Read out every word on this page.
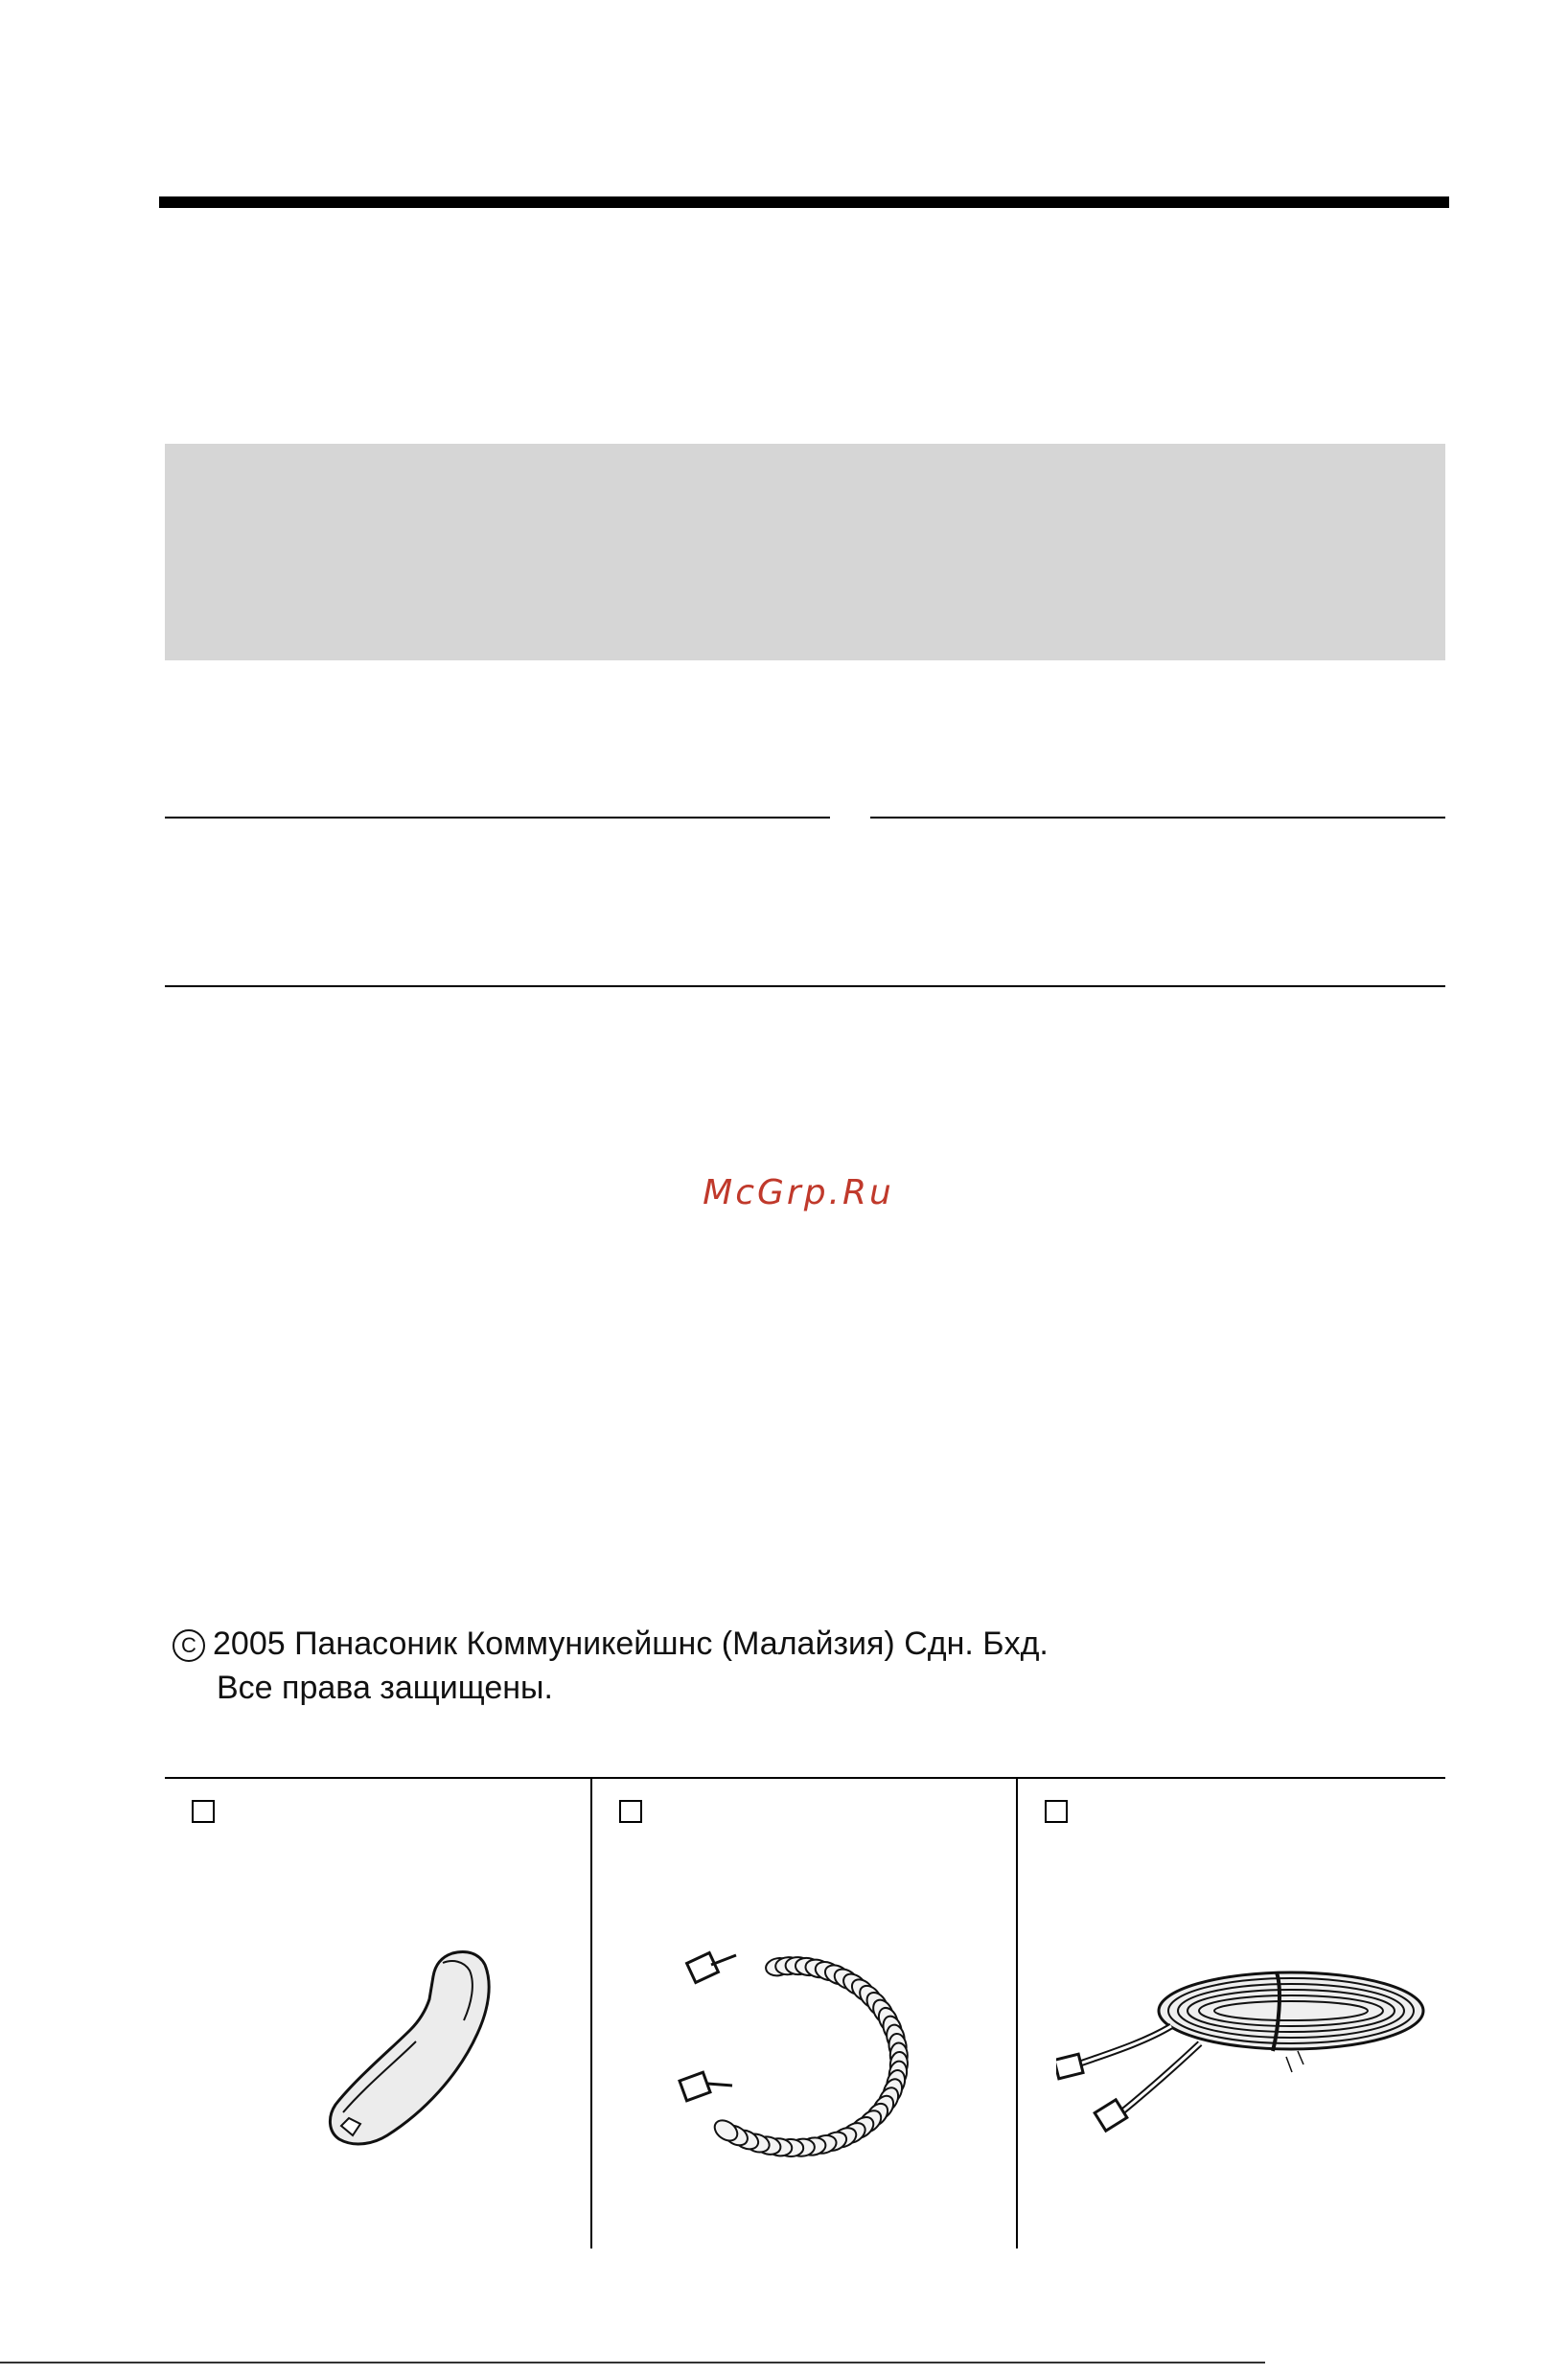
McGrp.Ru
C 2005 Панасоник Коммуникейшнс (Малайзия) Сдн. Бхд.
Все права защищены.
